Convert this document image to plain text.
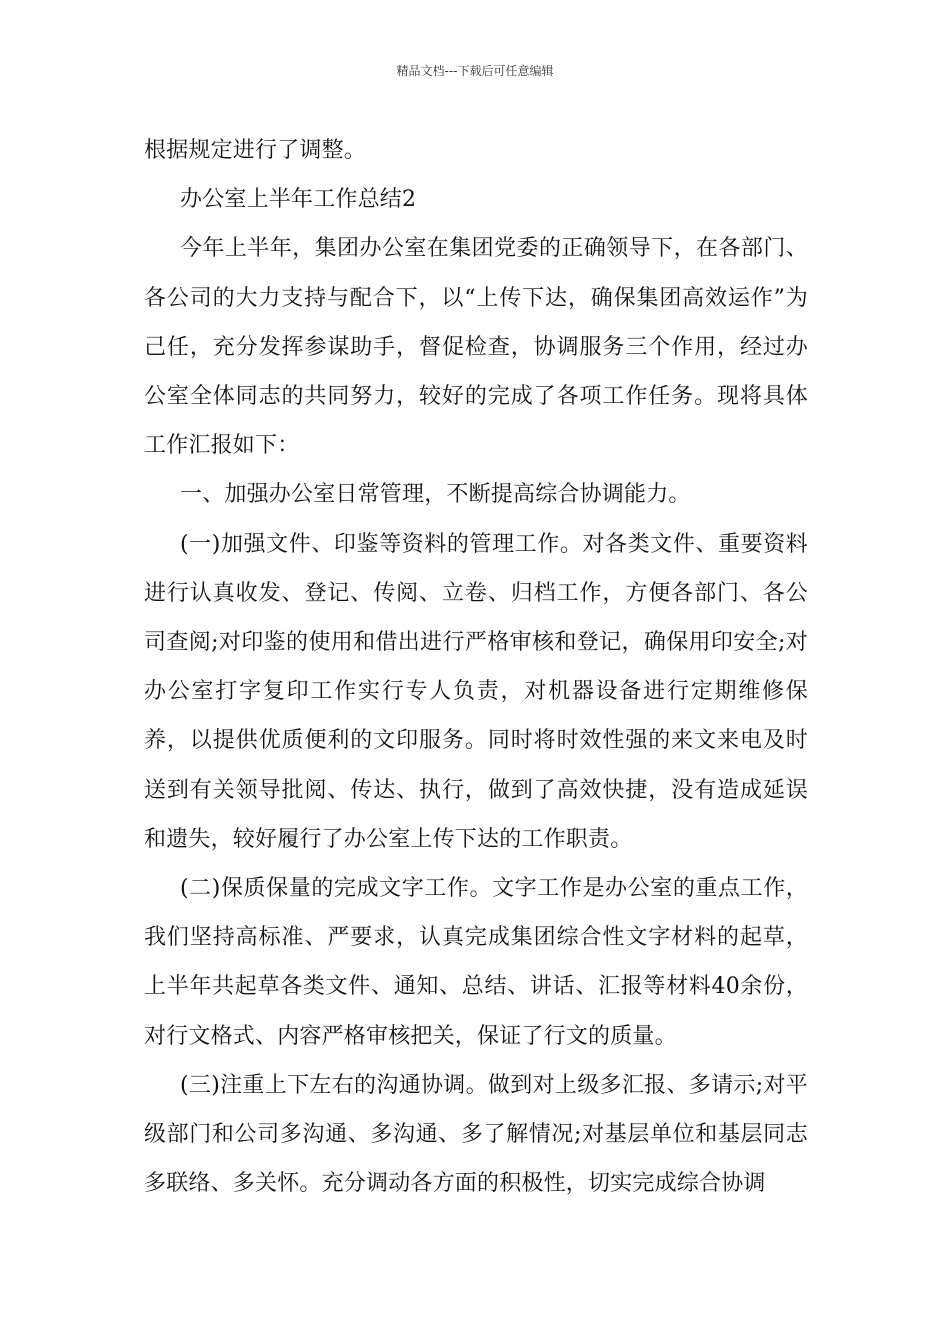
精品文档---下载后可任意编辑

根据规定进行了调整。

办公室上半年工作总结2

今年上半年，集团办公室在集团党委的正确领导下，在各部门、各公司的大力支持与配合下，以“上传下达，确保集团高效运作”为己任，充分发挥参谋助手，督促检查，协调服务三个作用，经过办公室全体同志的共同努力，较好的完成了各项工作任务。现将具体工作汇报如下：

一、加强办公室日常管理，不断提高综合协调能力。

(一)加强文件、印鉴等资料的管理工作。对各类文件、重要资料进行认真收发、登记、传阅、立卷、归档工作，方便各部门、各公司查阅;对印鉴的使用和借出进行严格审核和登记，确保用印安全;对办公室打字复印工作实行专人负责，对机器设备进行定期维修保养，以提供优质便利的文印服务。同时将时效性强的来文来电及时送到有关领导批阅、传达、执行，做到了高效快捷，没有造成延误和遗失，较好履行了办公室上传下达的工作职责。

(二)保质保量的完成文字工作。文字工作是办公室的重点工作，我们坚持高标准、严要求，认真完成集团综合性文字材料的起草，上半年共起草各类文件、通知、总结、讲话、汇报等材料40余份，对行文格式、内容严格审核把关，保证了行文的质量。

(三)注重上下左右的沟通协调。做到对上级多汇报、多请示;对平级部门和公司多沟通、多沟通、多了解情况;对基层单位和基层同志多联络、多关怀。充分调动各方面的积极性，切实完成综合协调
